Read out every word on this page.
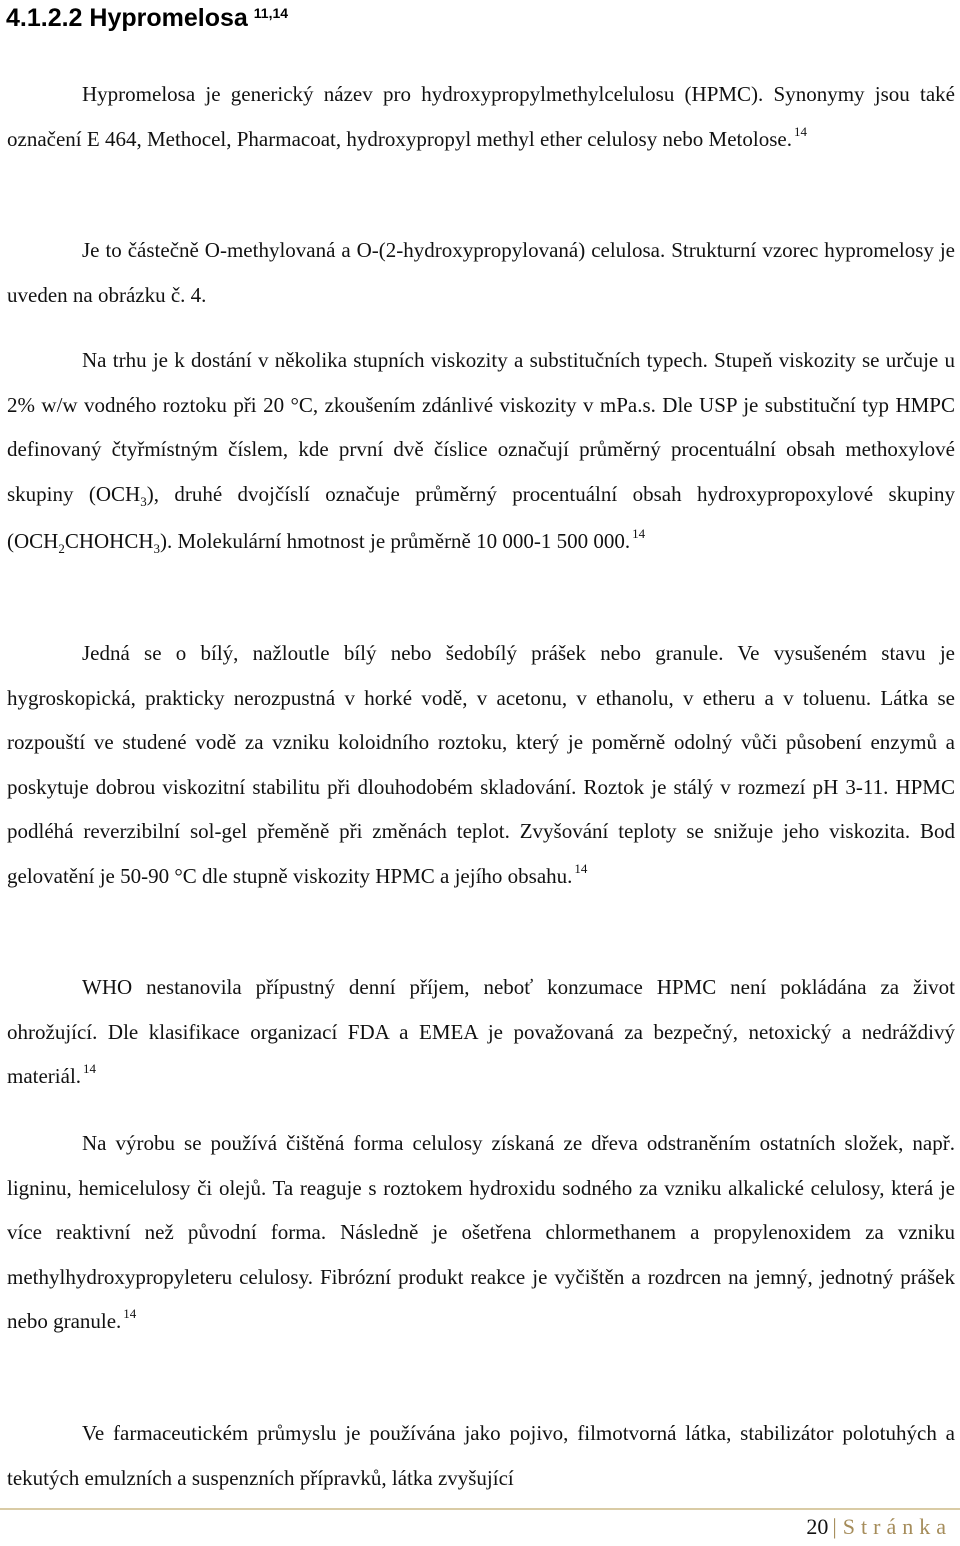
4.1.2.2 Hypromelosa $^{11,14}$
Hypromelosa je generický název pro hydroxypropylmethylcelulosu (HPMC). Synonymy jsou také označení E 464, Methocel, Pharmacoat, hydroxypropyl methyl ether celulosy nebo Metolose. $^{14}$
Je to částečně O-methylovaná a O-(2-hydroxypropylovaná) celulosa. Strukturní vzorec hypromelosy je uveden na obrázku č. 4.
Na trhu je k dostání v několika stupních viskozity a substitučních typech. Stupeň viskozity se určuje u 2% w/w vodného roztoku při 20 °C, zkoušením zdánlivé viskozity v mPa.s. Dle USP je substituční typ HMPC definovaný čtyřmístným číslem, kde první dvě číslice označují průměrný procentuální obsah methoxylové skupiny $(OCH_3)$, druhé dvojčíslí označuje průměrný procentuální obsah hydroxypropoxylové skupiny $(OCH_2CHOHCH_3)$. Molekulární hmotnost je průměrně 10 000-1 500 000. $^{14}$
Jedná se o bílý, nažloutle bílý nebo šedobílý prášek nebo granule. Ve vysušeném stavu je hygroskopická, prakticky nerozpustná v horké vodě, v acetonu, v ethanolu, v etheru a v toluenu. Látka se rozpouští ve studené vodě za vzniku koloidního roztoku, který je poměrně odolný vůči působení enzymů a poskytuje dobrou viskozitní stabilitu při dlouhodobém skladování. Roztok je stálý v rozmezí pH 3-11. HPMC podléhá reverzibilní sol-gel přeměně při změnách teplot. Zvyšování teploty se snižuje jeho viskozita. Bod gelovatění je 50-90 °C dle stupně viskozity HPMC a jejího obsahu. $^{14}$
WHO nestanovila přípustný denní příjem, neboť konzumace HPMC není pokládána za život ohrožující. Dle klasifikace organizací FDA a EMEA je považovaná za bezpečný, netoxický a nedráždivý materiál. $^{14}$
Na výrobu se používá čištěná forma celulosy získaná ze dřeva odstraněním ostatních složek, např. ligninu, hemicelulosy či olejů. Ta reaguje s roztokem hydroxidu sodného za vzniku alkalické celulosy, která je více reaktivní než původní forma. Následně je ošetřena chlormethanem a propylenoxidem za vzniku methylhydroxypropyleteru celulosy. Fibrózní produkt reakce je vyčištěn a rozdrcen na jemný, jednotný prášek nebo granule. $^{14}$
Ve farmaceutickém průmyslu je používána jako pojivo, filmotvorná látka, stabilizátor polotuhých a tekutých emulzních a suspenzních přípravků, látka zvyšující
20 | Stránka
